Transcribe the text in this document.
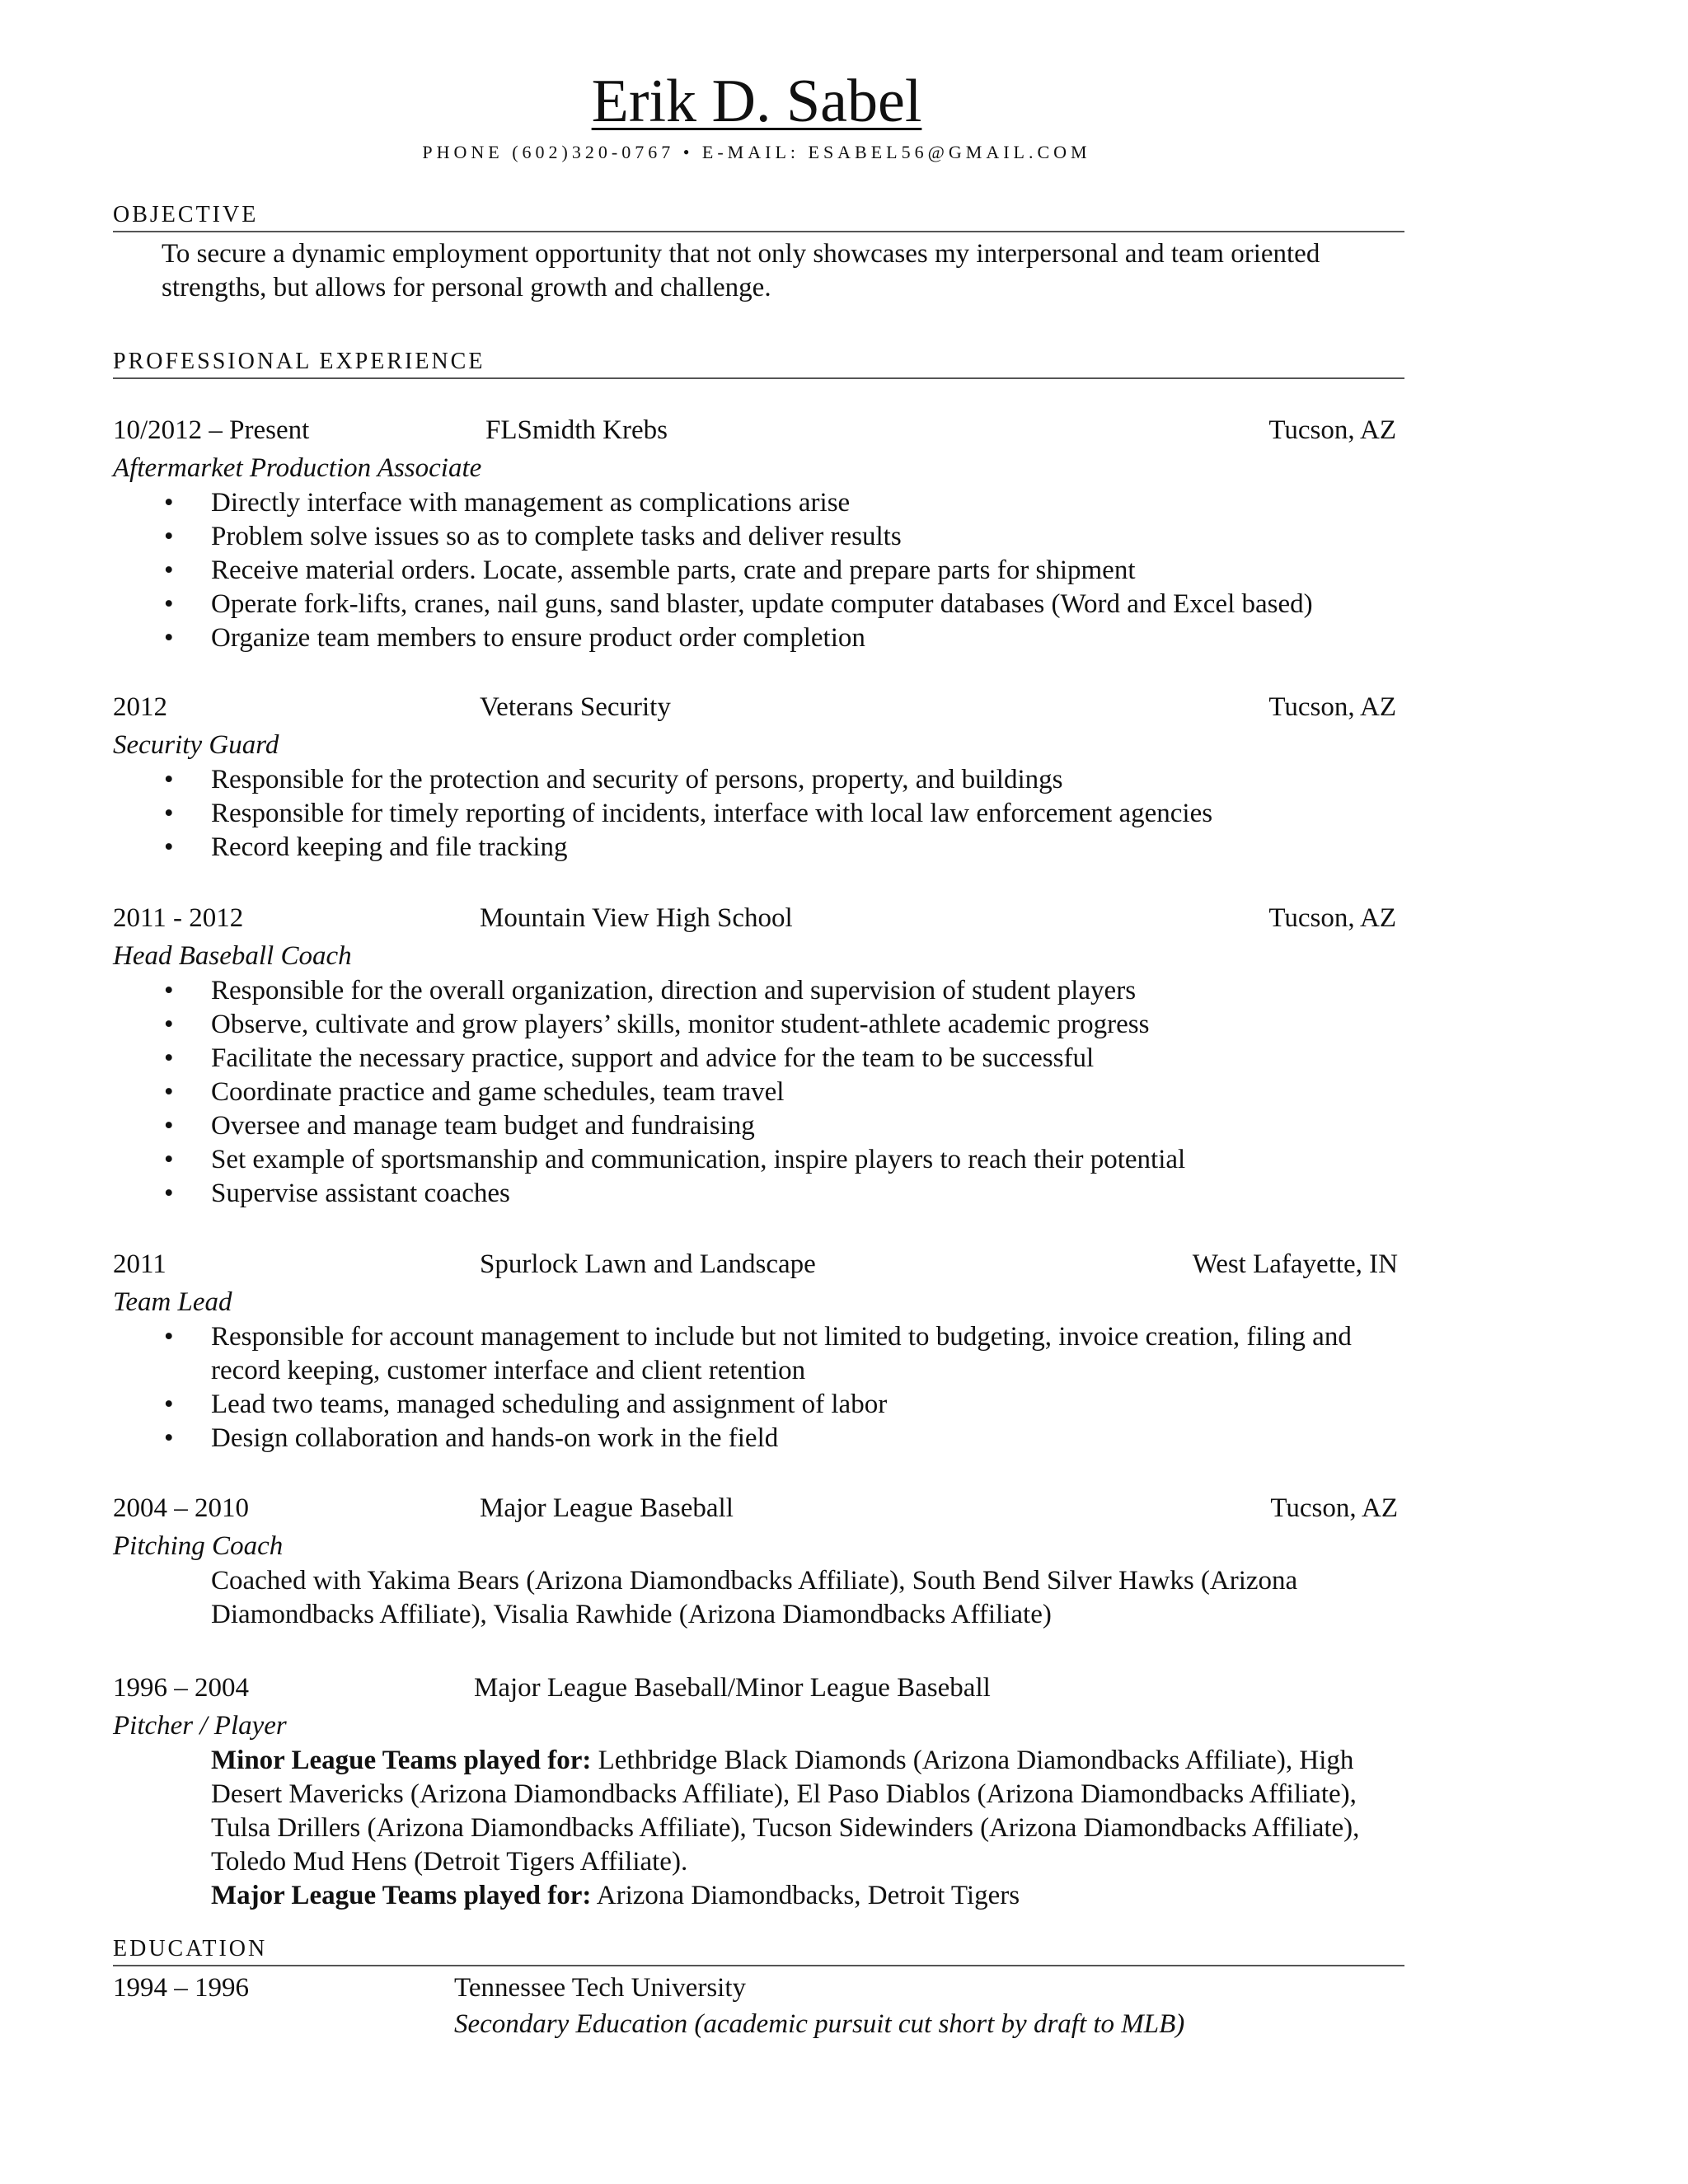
Erik D. Sabel
PHONE (602)320-0767 • E-MAIL: ESABEL56@GMAIL.COM
OBJECTIVE
To secure a dynamic employment opportunity that not only showcases my interpersonal and team oriented strengths, but allows for personal growth and challenge.
PROFESSIONAL EXPERIENCE
10/2012 – Present	FLSmidth Krebs	Tucson, AZ
Aftermarket Production Associate
• Directly interface with management as complications arise
• Problem solve issues so as to complete tasks and deliver results
• Receive material orders. Locate, assemble parts, crate and prepare parts for shipment
• Operate fork-lifts, cranes, nail guns, sand blaster, update computer databases (Word and Excel based)
• Organize team members to ensure product order completion
2012	Veterans Security	Tucson, AZ
Security Guard
• Responsible for the protection and security of persons, property, and buildings
• Responsible for timely reporting of incidents, interface with local law enforcement agencies
• Record keeping and file tracking
2011 - 2012	Mountain View High School	Tucson, AZ
Head Baseball Coach
• Responsible for the overall organization, direction and supervision of student players
• Observe, cultivate and grow players’ skills, monitor student-athlete academic progress
• Facilitate the necessary practice, support and advice for the team to be successful
• Coordinate practice and game schedules, team travel
• Oversee and manage team budget and fundraising
• Set example of sportsmanship and communication, inspire players to reach their potential
• Supervise assistant coaches
2011	Spurlock Lawn and Landscape	West Lafayette, IN
Team Lead
• Responsible for account management to include but not limited to budgeting, invoice creation, filing and record keeping, customer interface and client retention
• Lead two teams, managed scheduling and assignment of labor
• Design collaboration and hands-on work in the field
2004 – 2010	Major League Baseball	Tucson, AZ
Pitching Coach
Coached with Yakima Bears (Arizona Diamondbacks Affiliate), South Bend Silver Hawks (Arizona Diamondbacks Affiliate), Visalia Rawhide (Arizona Diamondbacks Affiliate)
1996 – 2004	Major League Baseball/Minor League Baseball
Pitcher / Player
Minor League Teams played for: Lethbridge Black Diamonds (Arizona Diamondbacks Affiliate), High Desert Mavericks (Arizona Diamondbacks Affiliate), El Paso Diablos (Arizona Diamondbacks Affiliate), Tulsa Drillers (Arizona Diamondbacks Affiliate), Tucson Sidewinders (Arizona Diamondbacks Affiliate), Toledo Mud Hens (Detroit Tigers Affiliate).
Major League Teams played for: Arizona Diamondbacks, Detroit Tigers
EDUCATION
1994 – 1996	Tennessee Tech University
Secondary Education (academic pursuit cut short by draft to MLB)
